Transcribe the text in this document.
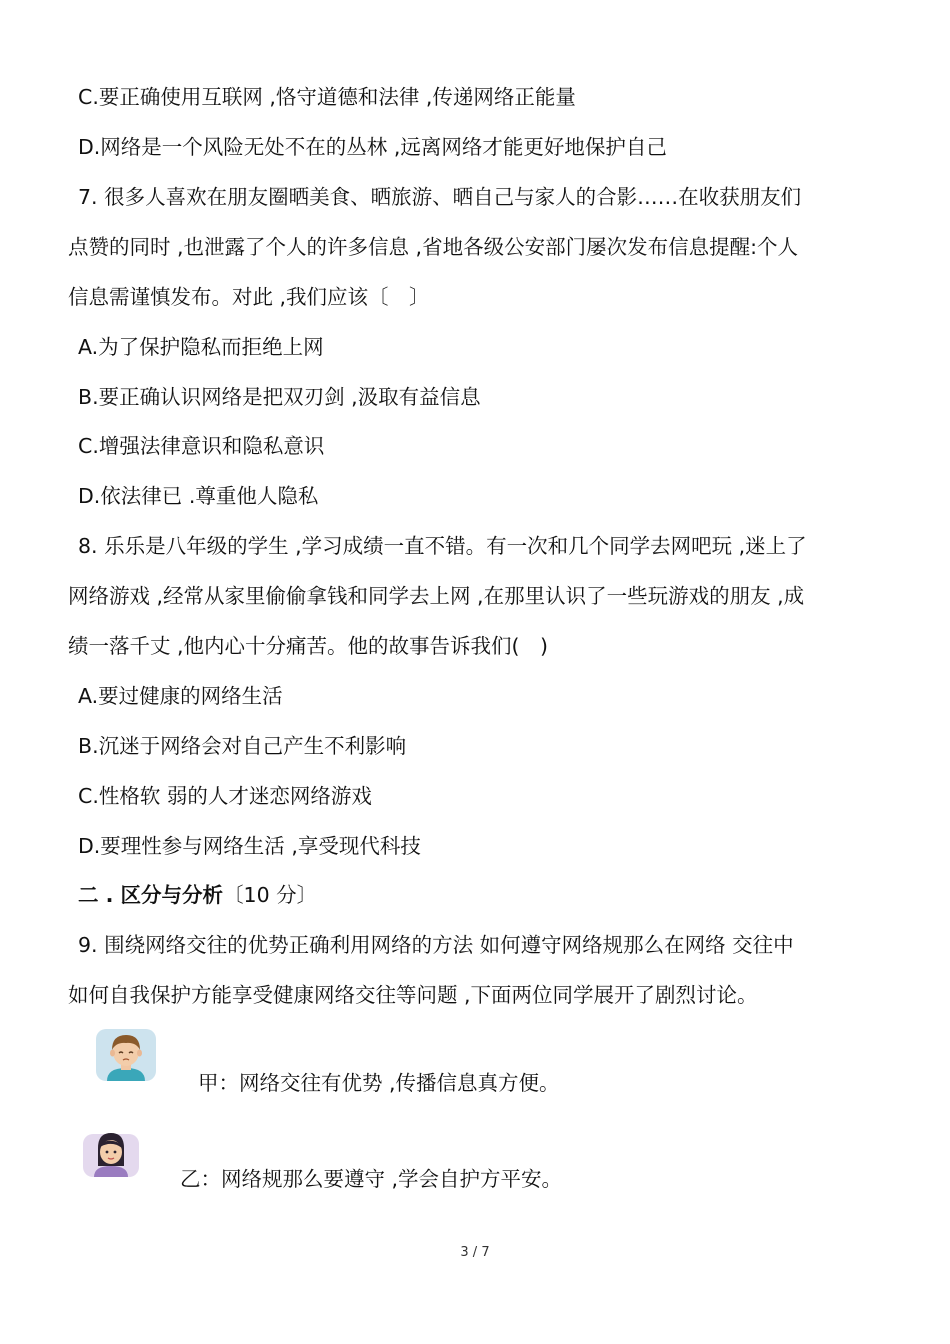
C.要正确使用互联网 ,恪守道德和法律 ,传递网络正能量
D.网络是一个风险无处不在的丛林 ,远离网络才能更好地保护自己
7. 很多人喜欢在朋友圈晒美食、晒旅游、晒自己与家人的合影……在收获朋友们
点赞的同时 ,也泄露了个人的许多信息 ,省地各级公安部门屡次发布信息提醒:个人
信息需谨慎发布。对此 ,我们应该〔　〕
A.为了保护隐私而拒绝上网
B.要正确认识网络是把双刃剑 ,汲取有益信息
C.增强法律意识和隐私意识
D.依法律已 .尊重他人隐私
8. 乐乐是八年级的学生 ,学习成绩一直不错。有一次和几个同学去网吧玩 ,迷上了
网络游戏 ,经常从家里偷偷拿钱和同学去上网 ,在那里认识了一些玩游戏的朋友 ,成
绩一落千丈 ,他内心十分痛苦。他的故事告诉我们(　)
A.要过健康的网络生活
B.沉迷于网络会对自己产生不利影响
C.性格软 弱的人才迷恋网络游戏
D.要理性参与网络生活 ,享受现代科技
二 . 区分与分析〔10 分〕
9. 围绕网络交往的优势正确利用网络的方法 如何遵守网络规那么在网络 交往中
如何自我保护方能享受健康网络交往等问题 ,下面两位同学展开了剧烈讨论。
甲：网络交往有优势 ,传播信息真方便。
乙：网络规那么要遵守 ,学会自护方平安。
3 / 7
